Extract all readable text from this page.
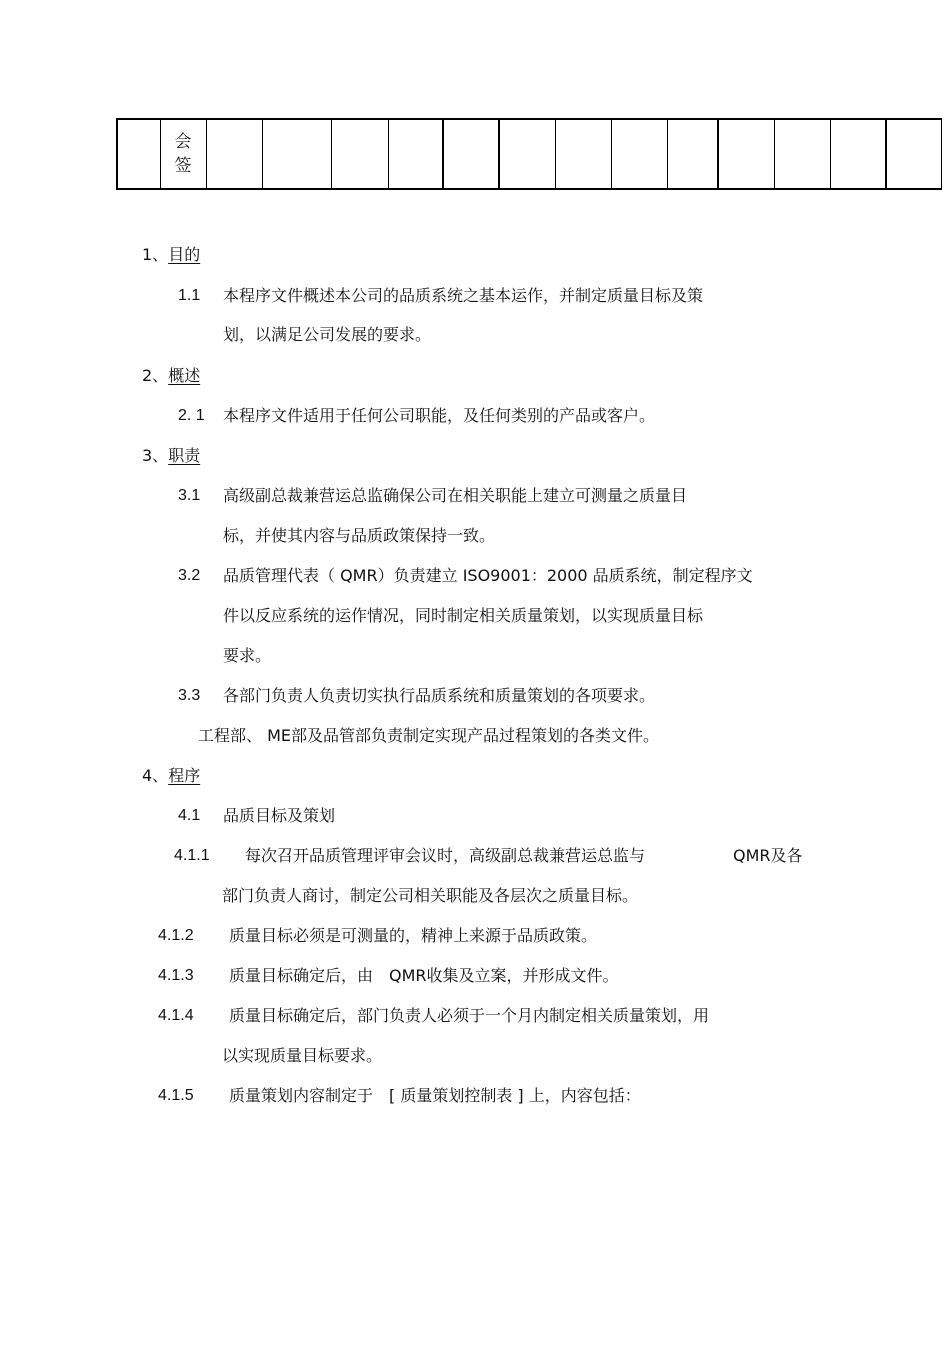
会
签

1、目的
1.1 本程序文件概述本公司的品质系统之基本运作，并制定质量目标及策
划，以满足公司发展的要求。
2、概述
2. 1 本程序文件适用于任何公司职能，及任何类别的产品或客户。
3、职责
3.1 高级副总裁兼营运总监确保公司在相关职能上建立可测量之质量目
标，并使其内容与品质政策保持一致。
3.2 品质管理代表（ QMR）负责建立 ISO9001：2000 品质系统，制定程序文
件以反应系统的运作情况，同时制定相关质量策划，以实现质量目标
要求。
3.3 各部门负责人负责切实执行品质系统和质量策划的各项要求。
工程部、 ME部及品管部负责制定实现产品过程策划的各类文件。
4、程序
4.1 品质目标及策划
4.1.1 每次召开品质管理评审会议时，高级副总裁兼营运总监与	QMR及各
部门负责人商讨，制定公司相关职能及各层次之质量目标。
4.1.2 质量目标必须是可测量的，精神上来源于品质政策。
4.1.3 质量目标确定后，由　QMR收集及立案，并形成文件。
4.1.4 质量目标确定后，部门负责人必须于一个月内制定相关质量策划，用
以实现质量目标要求。
4.1.5 质量策划内容制定于　[ 质量策划控制表 ] 上，内容包括：
